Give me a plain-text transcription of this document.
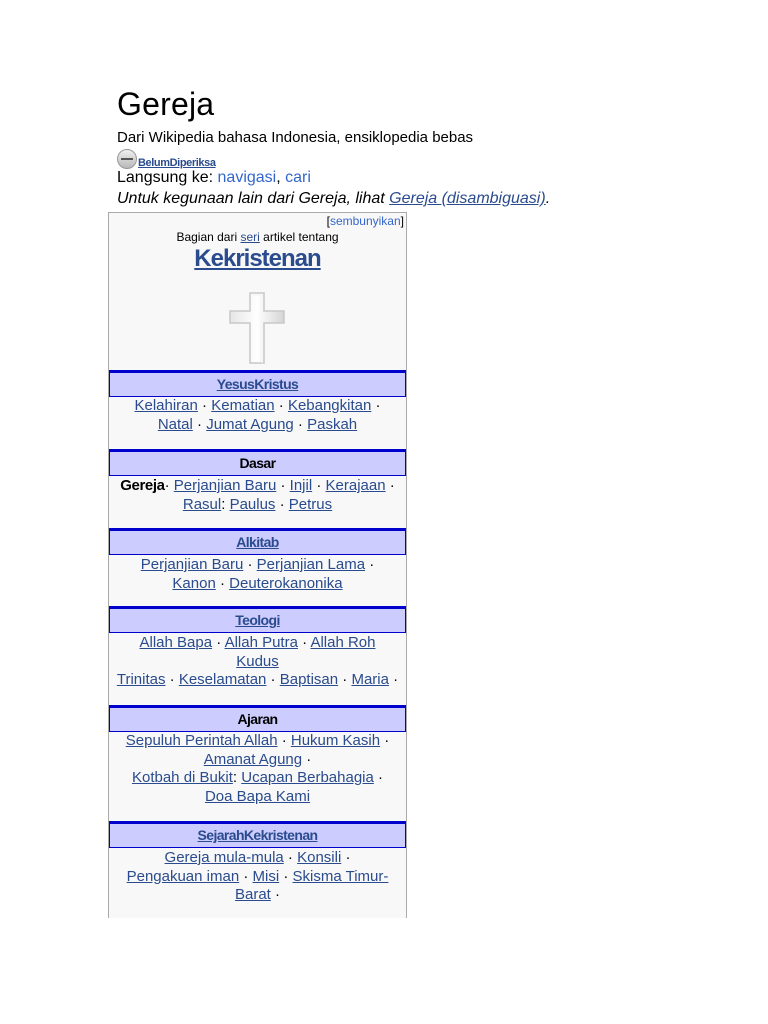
Gereja
Dari Wikipedia bahasa Indonesia, ensiklopedia bebas
BelumDiperiksa
Langsung ke: navigasi, cari
Untuk kegunaan lain dari Gereja, lihat Gereja (disambiguasi).
[sembunyikan]
Bagian dari seri artikel tentang
Kekristenan
YesusKristus
Kelahiran · Kematian · Kebangkitan ·
Natal · Jumat Agung · Paskah
Dasar
Gereja· Perjanjian Baru · Injil · Kerajaan ·
Rasul: Paulus · Petrus
Alkitab
Perjanjian Baru · Perjanjian Lama ·
Kanon · Deuterokanonika
Teologi
Allah Bapa · Allah Putra · Allah Roh
Kudus
Trinitas · Keselamatan · Baptisan · Maria ·
Ajaran
Sepuluh Perintah Allah · Hukum Kasih ·
Amanat Agung ·
Kotbah di Bukit: Ucapan Berbahagia ·
Doa Bapa Kami
SejarahKekristenan
Gereja mula-mula · Konsili ·
Pengakuan iman · Misi · Skisma Timur-
Barat ·
